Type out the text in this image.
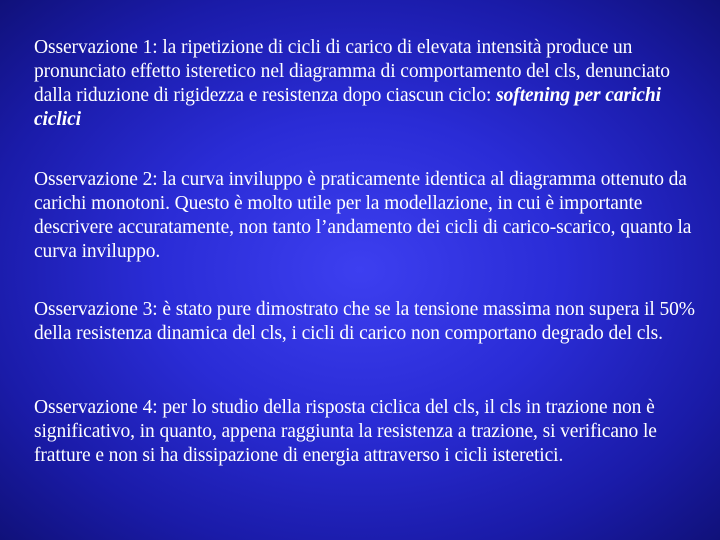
Osservazione 1: la ripetizione di cicli di carico di elevata intensità produce un pronunciato effetto isteretico nel diagramma di comportamento del cls, denunciato dalla riduzione di rigidezza e resistenza dopo ciascun ciclo: softening per carichi ciclici

Osservazione 2: la curva inviluppo è praticamente identica al diagramma ottenuto da carichi monotoni. Questo è molto utile per la modellazione, in cui è importante descrivere accuratamente, non tanto l’andamento dei cicli di carico-scarico, quanto la curva inviluppo.

Osservazione 3: è stato pure dimostrato che se la tensione massima non supera il 50% della resistenza dinamica del cls, i cicli di carico non comportano degrado del cls.

Osservazione 4: per lo studio della risposta ciclica del cls, il cls in trazione non è significativo, in quanto, appena raggiunta la resistenza a trazione, si verificano le fratture e non si ha dissipazione di energia attraverso i cicli isteretici.
